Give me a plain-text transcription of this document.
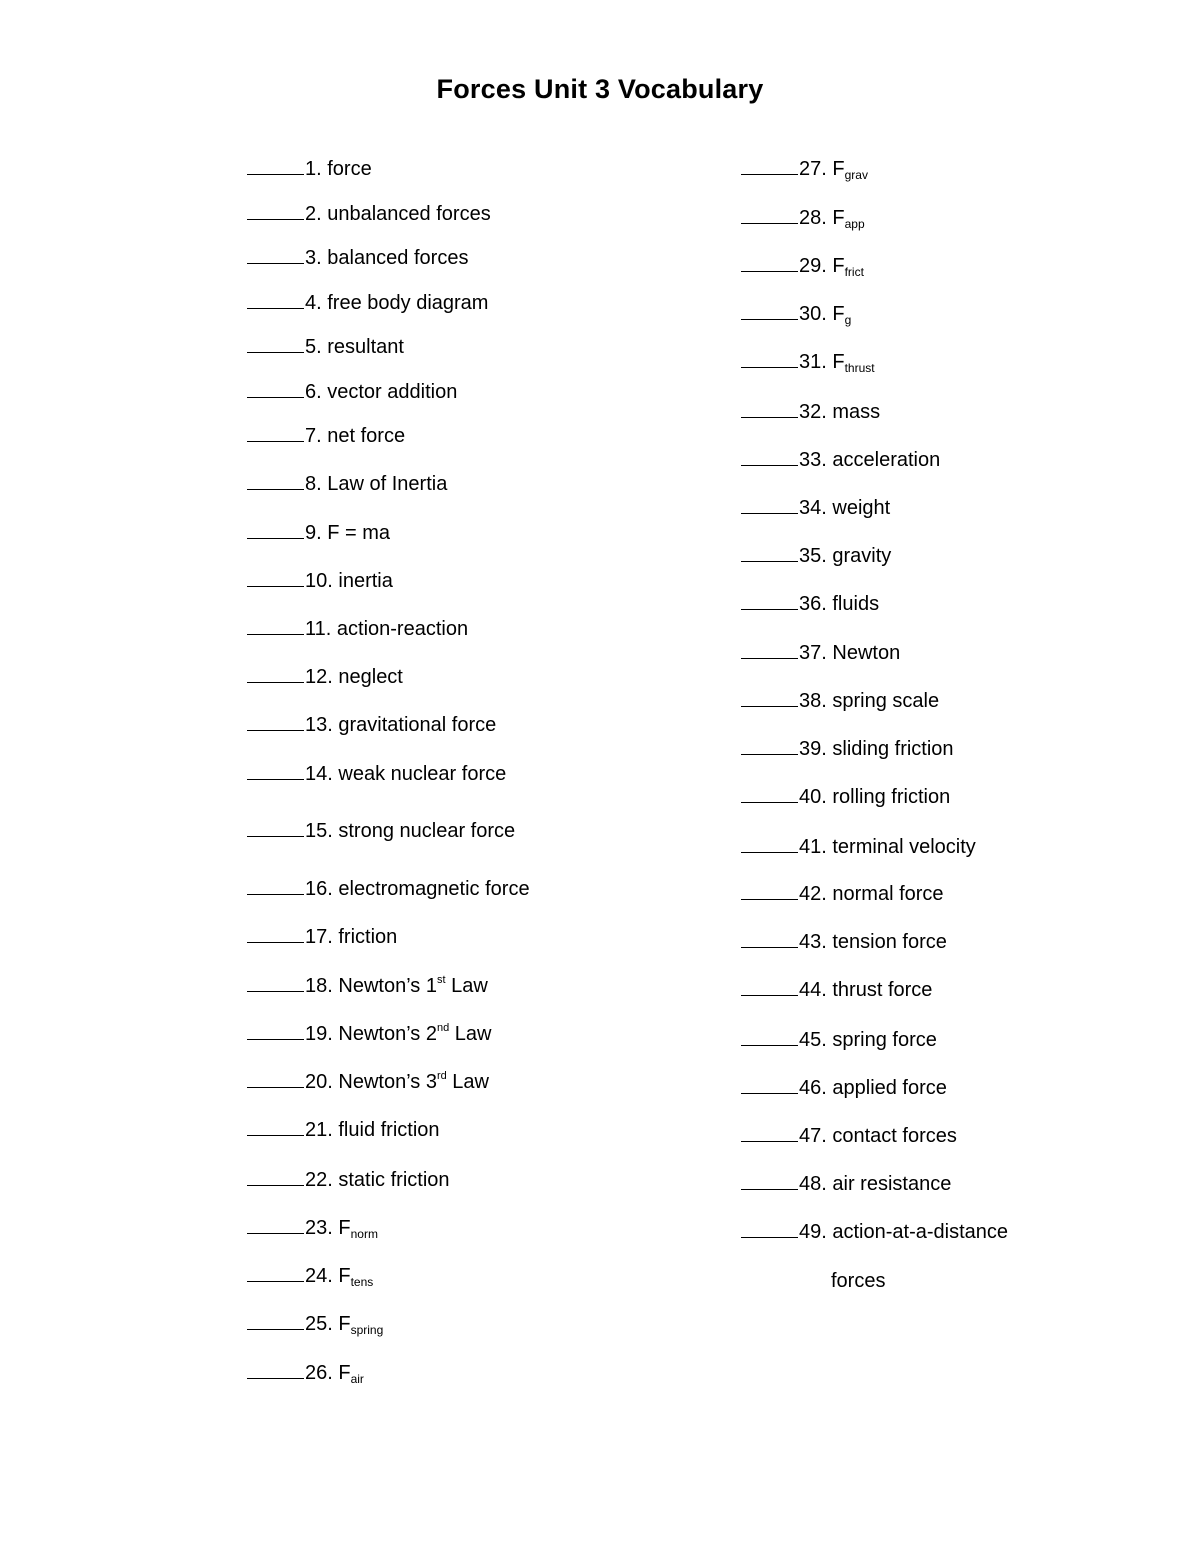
Forces Unit 3 Vocabulary
1. force
2. unbalanced forces
3. balanced forces
4. free body diagram
5. resultant
6. vector addition
7. net force
8. Law of Inertia
9. F = ma
10. inertia
11. action-reaction
12. neglect
13. gravitational force
14. weak nuclear force
15. strong nuclear force
16. electromagnetic force
17. friction
18. Newton’s 1st Law
19. Newton’s 2nd Law
20. Newton’s 3rd Law
21. fluid friction
22. static friction
23. $F_{norm}$
24. $F_{tens}$
25. $F_{spring}$
26. $F_{air}$
27. $F_{grav}$
28. $F_{app}$
29. $F_{frict}$
30. $F_g$
31. $F_{thrust}$
32. mass
33. acceleration
34. weight
35. gravity
36. fluids
37. Newton
38. spring scale
39. sliding friction
40. rolling friction
41. terminal velocity
42. normal force
43. tension force
44. thrust force
45. spring force
46. applied force
47. contact forces
48. air resistance
49. action-at-a-distance
forces
